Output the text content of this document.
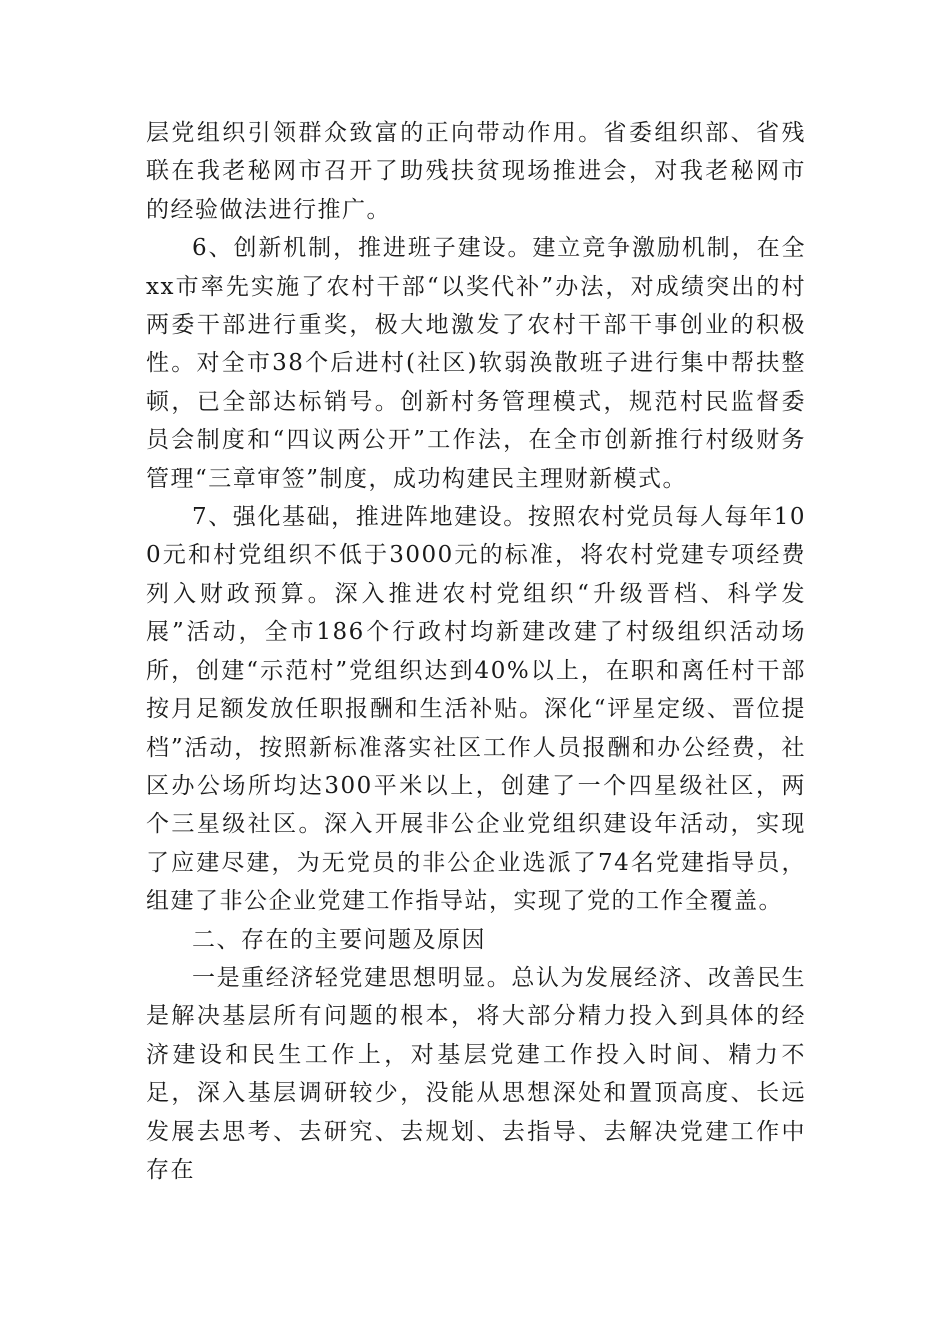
层党组织引领群众致富的正向带动作用。省委组织部、省残联在我老秘网市召开了助残扶贫现场推进会，对我老秘网市的经验做法进行推广。

6、创新机制，推进班子建设。建立竞争激励机制，在全xx市率先实施了农村干部“以奖代补”办法，对成绩突出的村两委干部进行重奖，极大地激发了农村干部干事创业的积极性。对全市38个后进村(社区)软弱涣散班子进行集中帮扶整顿，已全部达标销号。创新村务管理模式，规范村民监督委员会制度和“四议两公开”工作法，在全市创新推行村级财务管理“三章审签”制度，成功构建民主理财新模式。

7、强化基础，推进阵地建设。按照农村党员每人每年100元和村党组织不低于3000元的标准，将农村党建专项经费列入财政预算。深入推进农村党组织“升级晋档、科学发展”活动，全市186个行政村均新建改建了村级组织活动场所，创建“示范村”党组织达到40%以上，在职和离任村干部按月足额发放任职报酬和生活补贴。深化“评星定级、晋位提档”活动，按照新标准落实社区工作人员报酬和办公经费，社区办公场所均达300平米以上，创建了一个四星级社区，两个三星级社区。深入开展非公企业党组织建设年活动，实现了应建尽建，为无党员的非公企业选派了74名党建指导员，组建了非公企业党建工作指导站，实现了党的工作全覆盖。

二、存在的主要问题及原因

一是重经济轻党建思想明显。总认为发展经济、改善民生是解决基层所有问题的根本，将大部分精力投入到具体的经济建设和民生工作上，对基层党建工作投入时间、精力不足，深入基层调研较少，没能从思想深处和置顶高度、长远发展去思考、去研究、去规划、去指导、去解决党建工作中存在
